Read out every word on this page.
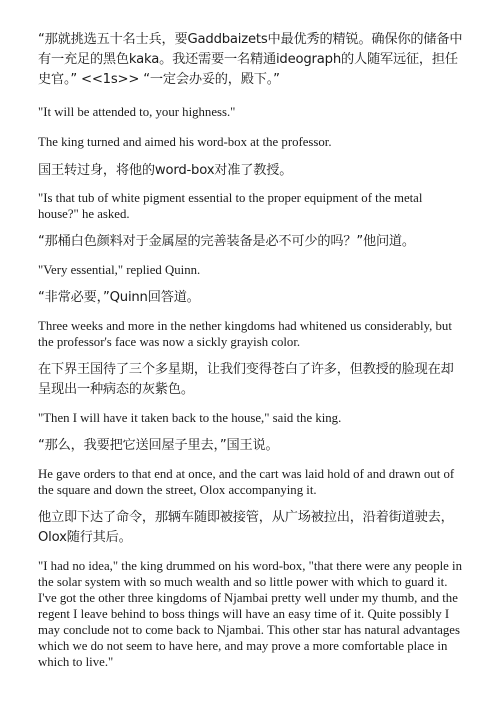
“那就挑选五十名士兵，要Gaddbaizets中最优秀的精锐。确保你的储备中有一充足的黑色kaka。我还需要一名精通ideograph的人随军远征，担任史官。” <<1s>> “一定会办妥的，殿下。”

"It will be attended to, your highness."

The king turned and aimed his word-box at the professor.

国王转过身，将他的word-box对准了教授。

"Is that tub of white pigment essential to the proper equipment of the metal house?" he asked.

“那桶白色颜料对于金属屋的完善装备是必不可少的吗？”他问道。

"Very essential," replied Quinn.

“非常必要，”Quinn回答道。

Three weeks and more in the nether kingdoms had whitened us considerably, but the professor's face was now a sickly grayish color.

在下界王国待了三个多星期，让我们变得苍白了许多，但教授的脸现在却呈现出一种病态的灰紫色。

"Then I will have it taken back to the house," said the king.

“那么，我要把它送回屋子里去，”国王说。

He gave orders to that end at once, and the cart was laid hold of and drawn out of the square and down the street, Olox accompanying it.

他立即下达了命令，那辆车随即被接管，从广场被拉出，沿着街道驶去，Olox随行其后。

"I had no idea," the king drummed on his word-box, "that there were any people in the solar system with so much wealth and so little power with which to guard it. I've got the other three kingdoms of Njambai pretty well under my thumb, and the regent I leave behind to boss things will have an easy time of it. Quite possibly I may conclude not to come back to Njambai. This other star has natural advantages which we do not seem to have here, and may prove a more comfortable place in which to live."
